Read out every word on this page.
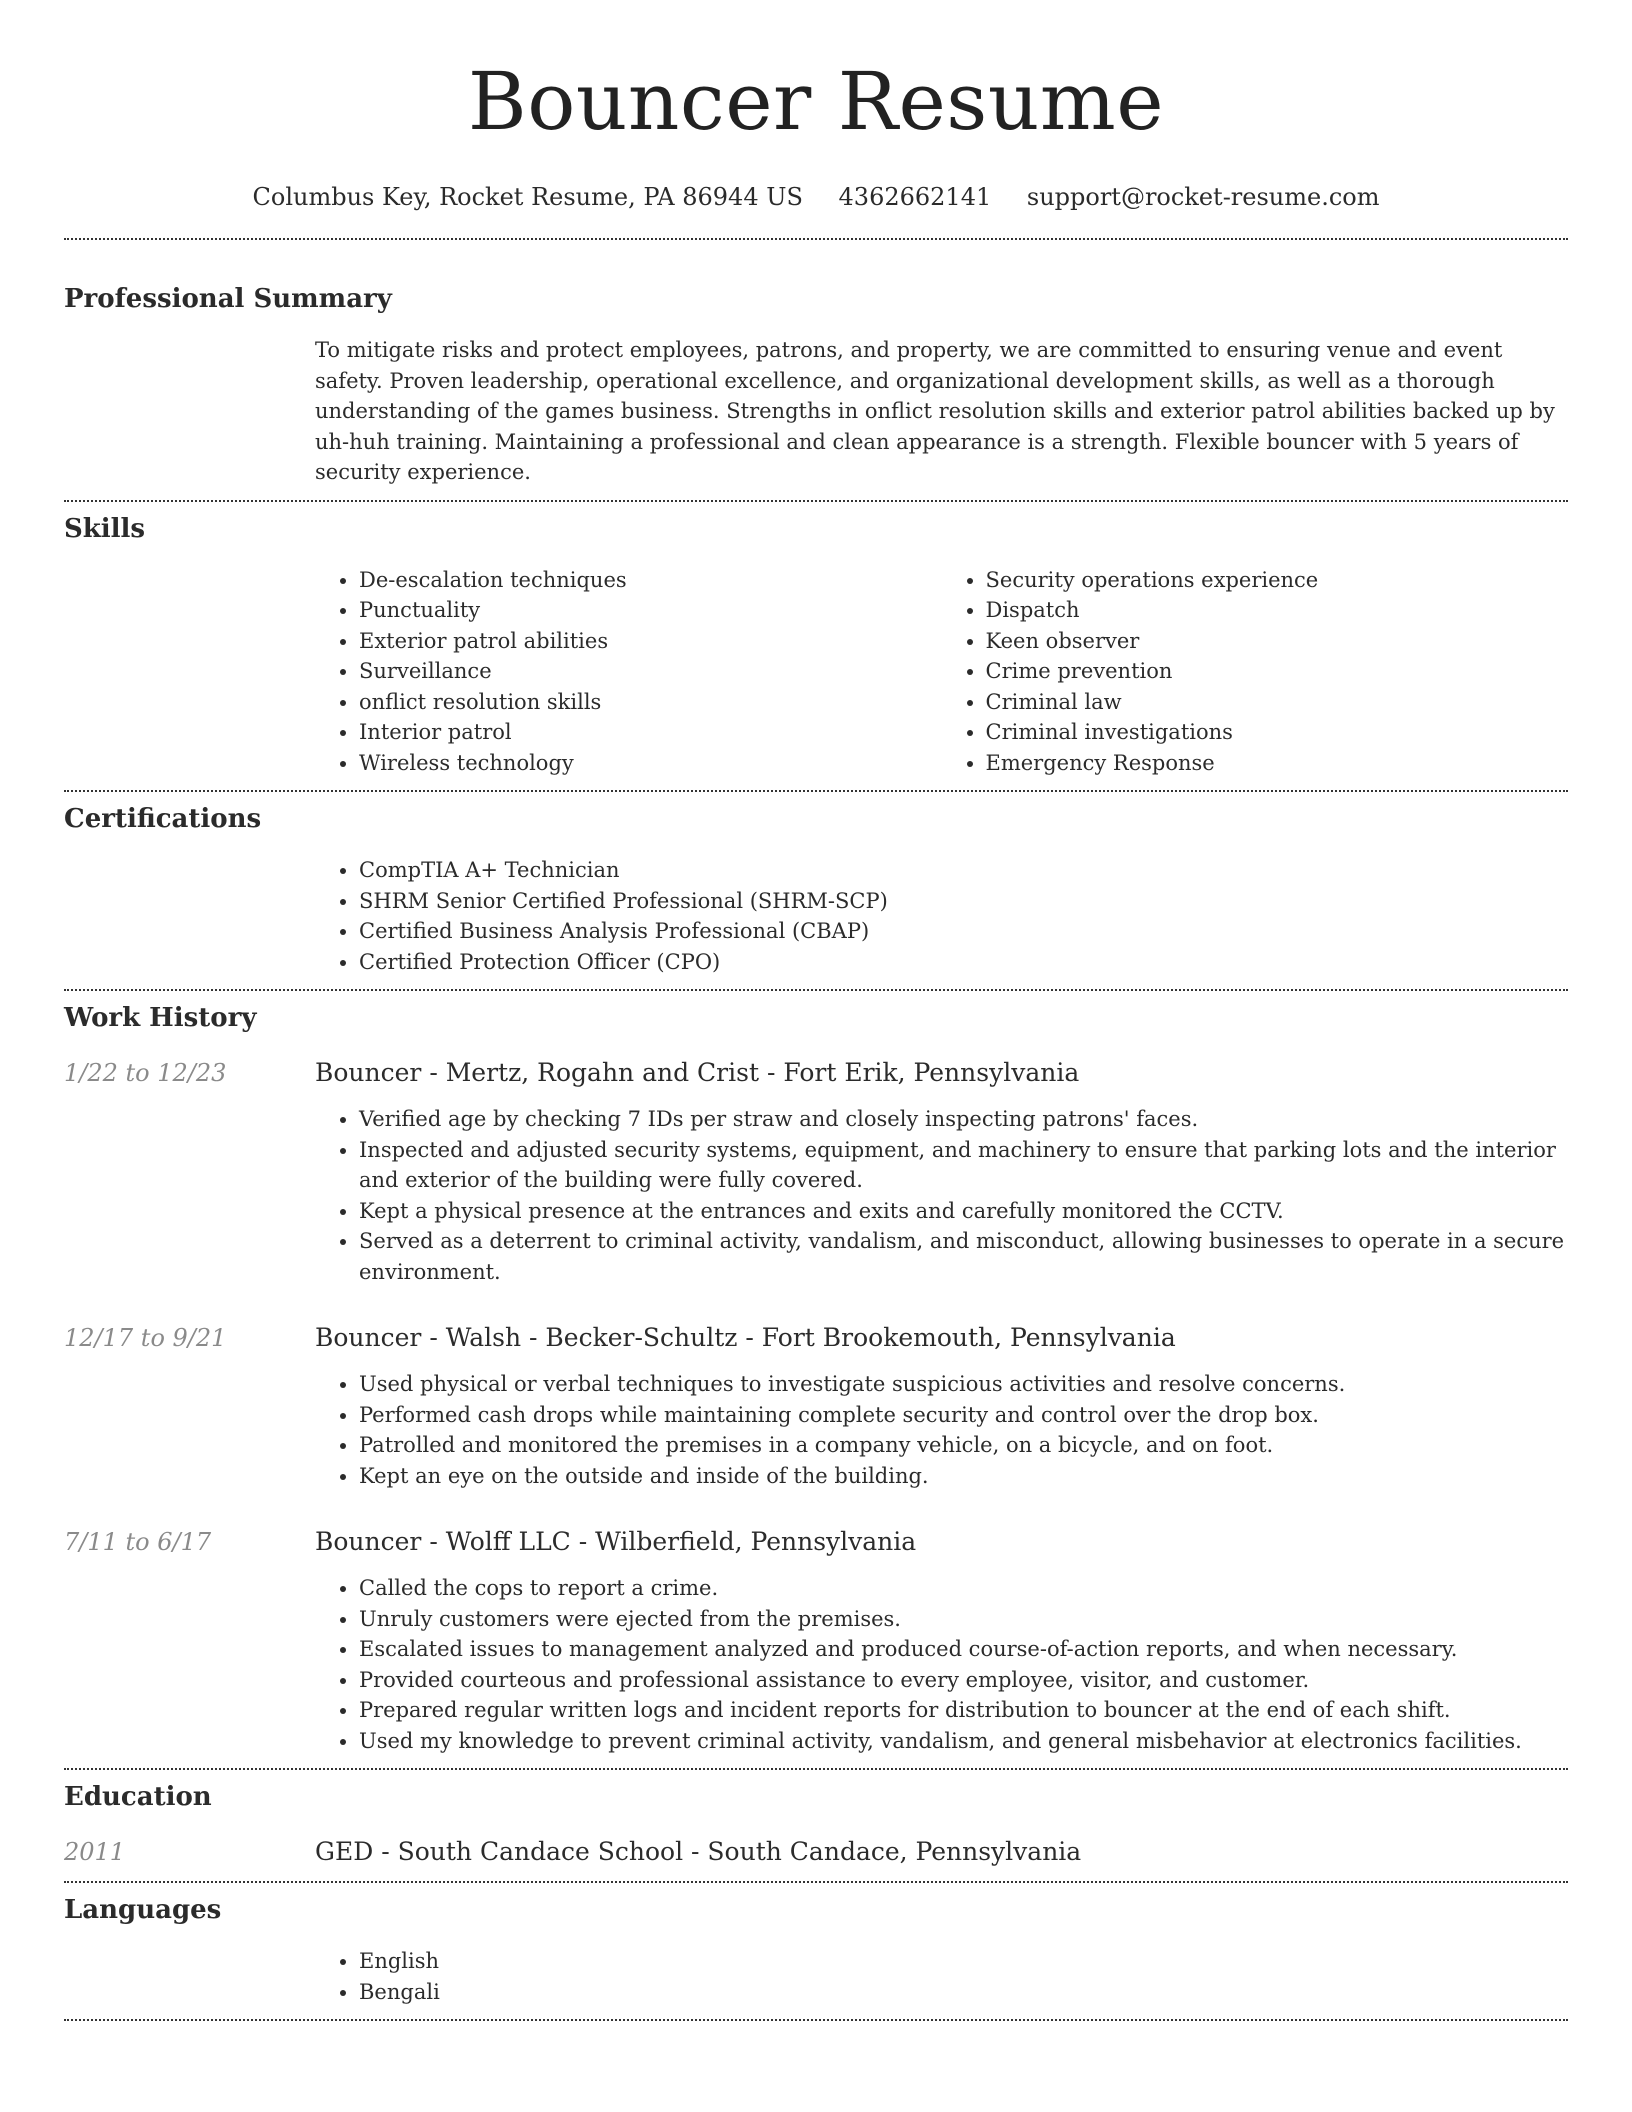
Bouncer Resume
Columbus Key, Rocket Resume, PA 86944 US 4362662141 support@rocket-resume.com
Professional Summary
To mitigate risks and protect employees, patrons, and property, we are committed to ensuring venue and event safety. Proven leadership, operational excellence, and organizational development skills, as well as a thorough understanding of the games business. Strengths in onflict resolution skills and exterior patrol abilities backed up by uh-huh training. Maintaining a professional and clean appearance is a strength. Flexible bouncer with 5 years of security experience.
Skills
• De-escalation techniques
• Punctuality
• Exterior patrol abilities
• Surveillance
• onflict resolution skills
• Interior patrol
• Wireless technology
• Security operations experience
• Dispatch
• Keen observer
• Crime prevention
• Criminal law
• Criminal investigations
• Emergency Response
Certifications
• CompTIA A+ Technician
• SHRM Senior Certified Professional (SHRM-SCP)
• Certified Business Analysis Professional (CBAP)
• Certified Protection Officer (CPO)
Work History
1/22 to 12/23	Bouncer - Mertz, Rogahn and Crist - Fort Erik, Pennsylvania
• Verified age by checking 7 IDs per straw and closely inspecting patrons' faces.
• Inspected and adjusted security systems, equipment, and machinery to ensure that parking lots and the interior and exterior of the building were fully covered.
• Kept a physical presence at the entrances and exits and carefully monitored the CCTV.
• Served as a deterrent to criminal activity, vandalism, and misconduct, allowing businesses to operate in a secure environment.
12/17 to 9/21	Bouncer - Walsh - Becker-Schultz - Fort Brookemouth, Pennsylvania
• Used physical or verbal techniques to investigate suspicious activities and resolve concerns.
• Performed cash drops while maintaining complete security and control over the drop box.
• Patrolled and monitored the premises in a company vehicle, on a bicycle, and on foot.
• Kept an eye on the outside and inside of the building.
7/11 to 6/17	Bouncer - Wolff LLC - Wilberfield, Pennsylvania
• Called the cops to report a crime.
• Unruly customers were ejected from the premises.
• Escalated issues to management analyzed and produced course-of-action reports, and when necessary.
• Provided courteous and professional assistance to every employee, visitor, and customer.
• Prepared regular written logs and incident reports for distribution to bouncer at the end of each shift.
• Used my knowledge to prevent criminal activity, vandalism, and general misbehavior at electronics facilities.
Education
2011	GED - South Candace School - South Candace, Pennsylvania
Languages
• English
• Bengali
